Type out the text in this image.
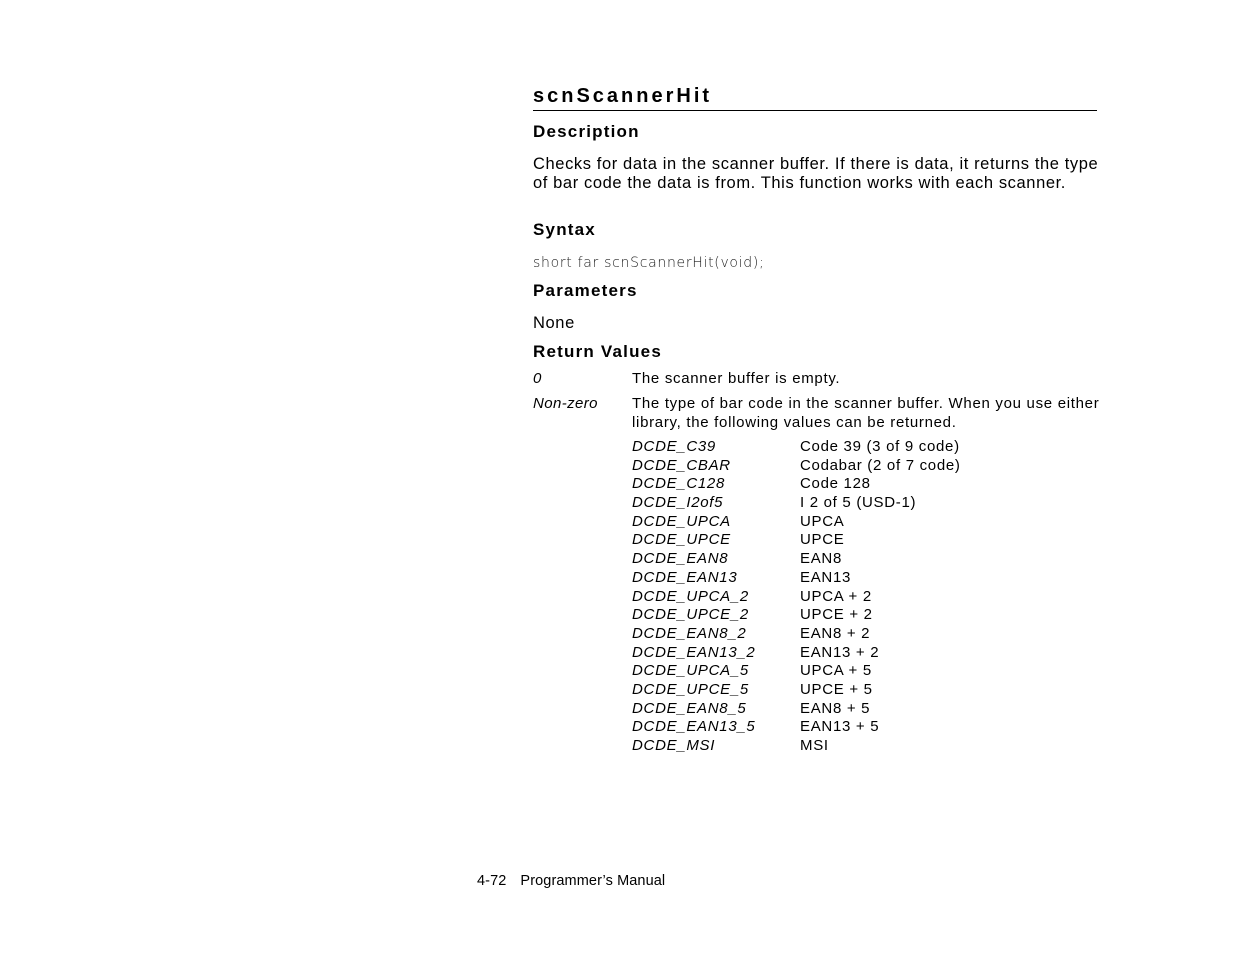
scnScannerHit
Description
Checks for data in the scanner buffer. If there is data, it returns the type of bar code the data is from. This function works with each scanner.
Syntax
short far scnScannerHit(void);
Parameters
None
Return Values
0	The scanner buffer is empty.
Non-zero The type of bar code in the scanner buffer. When you use either library, the following values can be returned.
DCDE_C39	Code 39 (3 of 9 code)
DCDE_CBAR	Codabar (2 of 7 code)
DCDE_C128	Code 128
DCDE_I2of5	I 2 of 5 (USD-1)
DCDE_UPCA	UPCA
DCDE_UPCE	UPCE
DCDE_EAN8	EAN8
DCDE_EAN13	EAN13
DCDE_UPCA_2	UPCA + 2
DCDE_UPCE_2	UPCE + 2
DCDE_EAN8_2	EAN8 + 2
DCDE_EAN13_2	EAN13 + 2
DCDE_UPCA_5	UPCA + 5
DCDE_UPCE_5	UPCE + 5
DCDE_EAN8_5	EAN8 + 5
DCDE_EAN13_5	EAN13 + 5
DCDE_MSI	MSI
4-72 Programmer’s Manual
